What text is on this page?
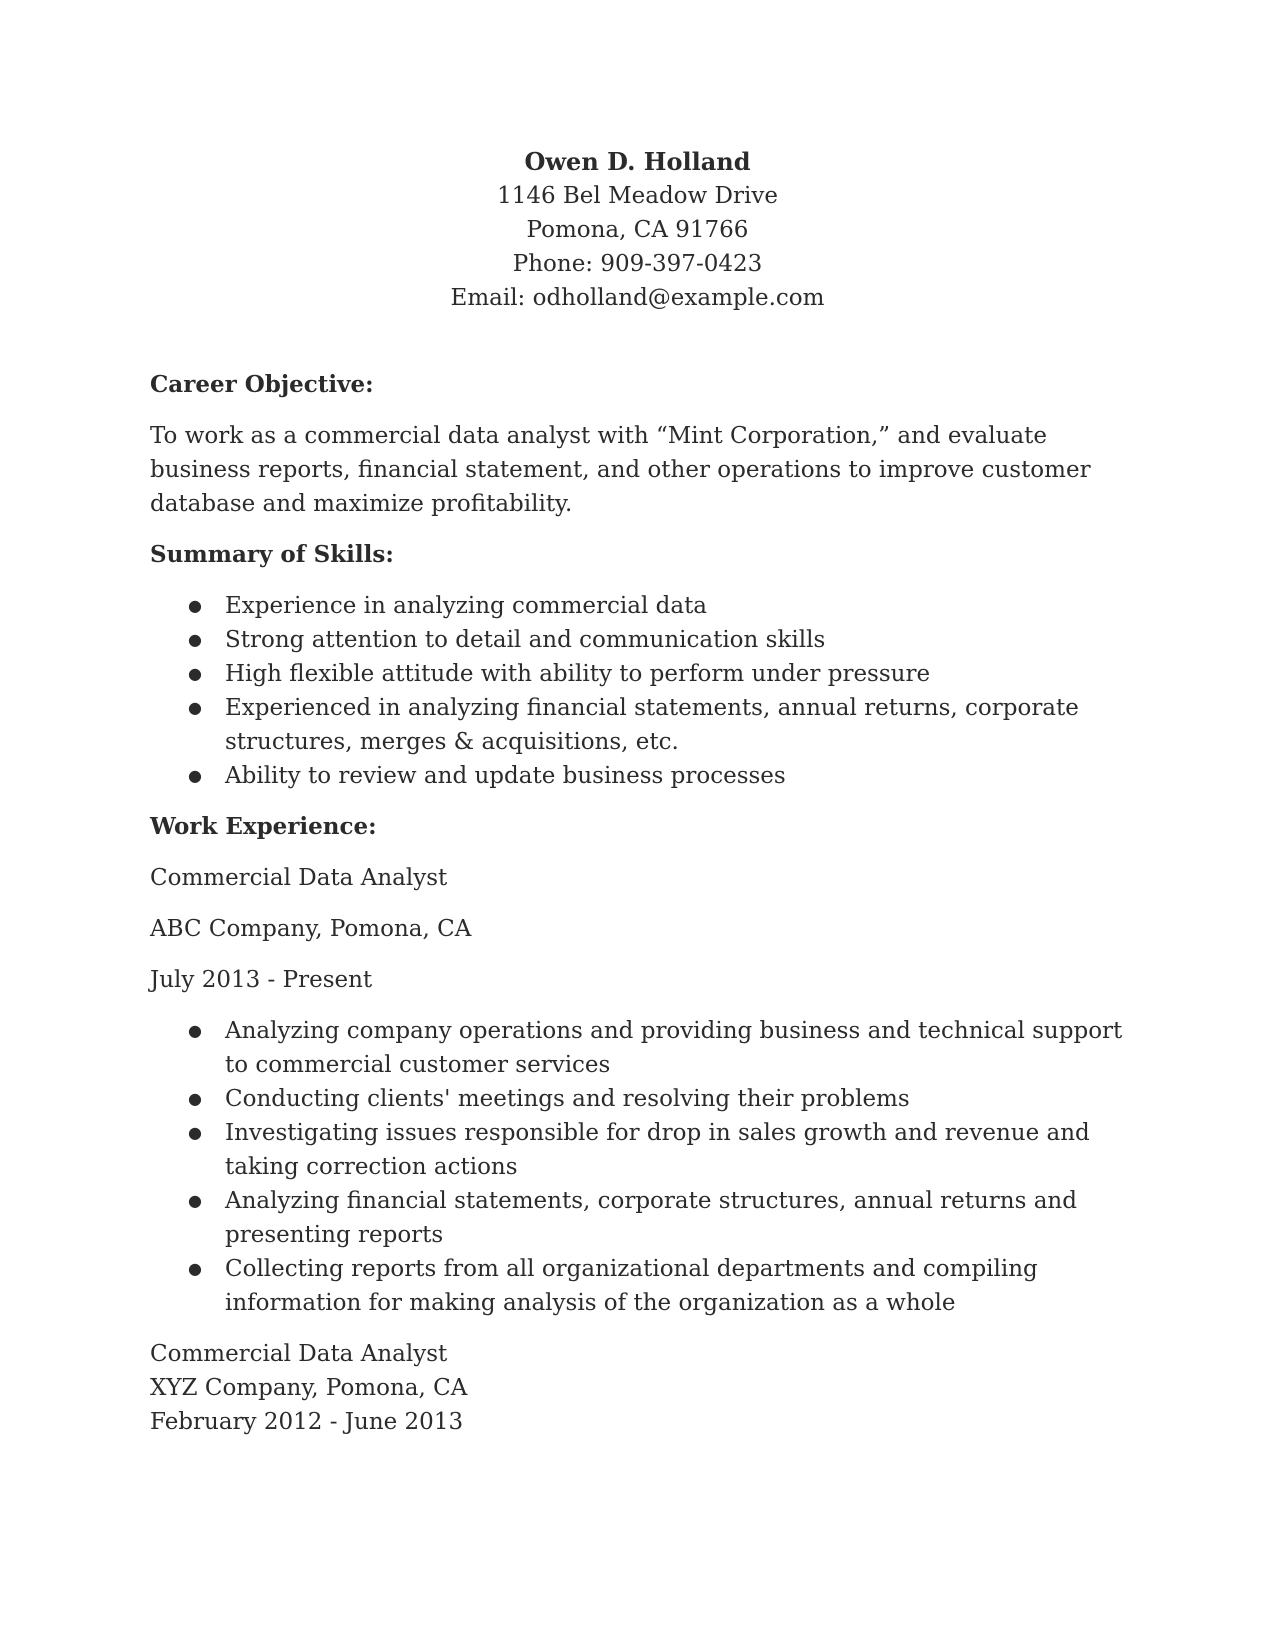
Owen D. Holland
1146 Bel Meadow Drive
Pomona, CA 91766
Phone: 909-397-0423
Email: odholland@example.com
Career Objective:

To work as a commercial data analyst with “Mint Corporation,” and evaluate business reports, financial statement, and other operations to improve customer database and maximize profitability.

Summary of Skills:
● Experience in analyzing commercial data
● Strong attention to detail and communication skills
● High flexible attitude with ability to perform under pressure
● Experienced in analyzing financial statements, annual returns, corporate structures, merges & acquisitions, etc.
● Ability to review and update business processes
Work Experience:

Commercial Data Analyst

ABC Company, Pomona, CA

July 2013 - Present

● Analyzing company operations and providing business and technical support to commercial customer services
● Conducting clients' meetings and resolving their problems
● Investigating issues responsible for drop in sales growth and revenue and taking correction actions
● Analyzing financial statements, corporate structures, annual returns and presenting reports
● Collecting reports from all organizational departments and compiling information for making analysis of the organization as a whole

Commercial Data Analyst

XYZ Company, Pomona, CA

February 2012 - June 2013
